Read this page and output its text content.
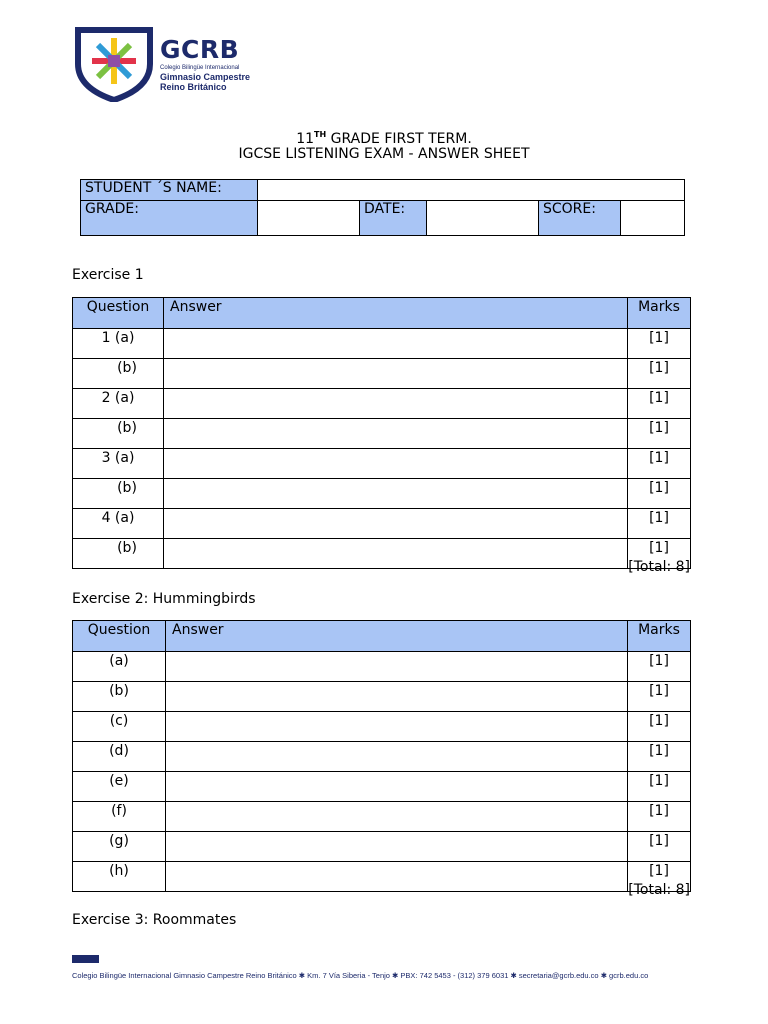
GCRB
Colegio Bilingüe Internacional
Gimnasio Campestre
Reino Británico
11TH GRADE FIRST TERM.
IGCSE LISTENING EXAM - ANSWER SHEET
STUDENT ´S NAME:					
GRADE:		DATE:		SCORE:	
Exercise 1
Question	Answer	Marks
1 (a)		[1]
(b)		[1]
2 (a)		[1]
(b)		[1]
3 (a)		[1]
(b)		[1]
4 (a)		[1]
(b)		[1]
[Total: 8]
Exercise 2: Hummingbirds
Question	Answer	Marks
(a)		[1]
(b)		[1]
(c)		[1]
(d)		[1]
(e)		[1]
(f)		[1]
(g)		[1]
(h)		[1]
[Total: 8]
Exercise 3: Roommates
Colegio Bilingüe Internacional Gimnasio Campestre Reino Británico ✱ Km. 7 Vía Siberia - Tenjo ✱ PBX: 742 5453 - (312) 379 6031 ✱ secretaria@gcrb.edu.co ✱ gcrb.edu.co
